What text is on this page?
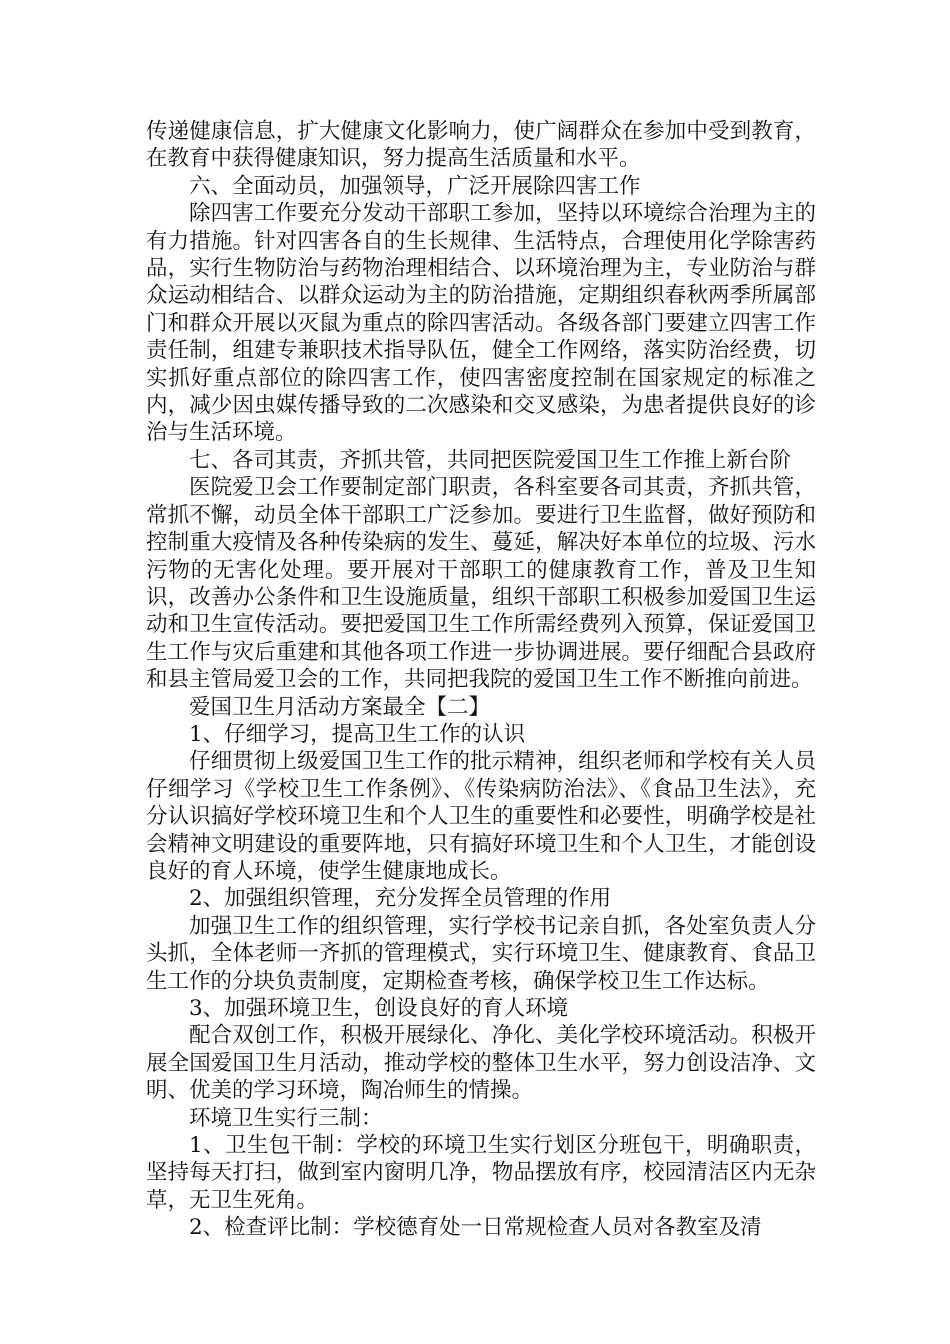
传递健康信息，扩大健康文化影响力，使广阔群众在参加中受到教育，在教育中获得健康知识，努力提高生活质量和水平。

六、全面动员，加强领导，广泛开展除四害工作

除四害工作要充分发动干部职工参加，坚持以环境综合治理为主的有力措施。针对四害各自的生长规律、生活特点，合理使用化学除害药品，实行生物防治与药物治理相结合、以环境治理为主，专业防治与群众运动相结合、以群众运动为主的防治措施，定期组织春秋两季所属部门和群众开展以灭鼠为重点的除四害活动。各级各部门要建立四害工作责任制，组建专兼职技术指导队伍，健全工作网络，落实防治经费，切实抓好重点部位的除四害工作，使四害密度控制在国家规定的标准之内，减少因虫媒传播导致的二次感染和交叉感染，为患者提供良好的诊治与生活环境。

七、各司其责，齐抓共管，共同把医院爱国卫生工作推上新台阶

医院爱卫会工作要制定部门职责，各科室要各司其责，齐抓共管，常抓不懈，动员全体干部职工广泛参加。要进行卫生监督，做好预防和控制重大疫情及各种传染病的发生、蔓延，解决好本单位的垃圾、污水污物的无害化处理。要开展对干部职工的健康教育工作，普及卫生知识，改善办公条件和卫生设施质量，组织干部职工积极参加爱国卫生运动和卫生宣传活动。要把爱国卫生工作所需经费列入预算，保证爱国卫生工作与灾后重建和其他各项工作进一步协调进展。要仔细配合县政府和县主管局爱卫会的工作，共同把我院的爱国卫生工作不断推向前进。

爱国卫生月活动方案最全【二】

1、仔细学习，提高卫生工作的认识

仔细贯彻上级爱国卫生工作的批示精神，组织老师和学校有关人员仔细学习《学校卫生工作条例》、《传染病防治法》、《食品卫生法》，充分认识搞好学校环境卫生和个人卫生的重要性和必要性，明确学校是社会精神文明建设的重要阵地，只有搞好环境卫生和个人卫生，才能创设良好的育人环境，使学生健康地成长。

2、加强组织管理，充分发挥全员管理的作用

加强卫生工作的组织管理，实行学校书记亲自抓，各处室负责人分头抓，全体老师一齐抓的管理模式，实行环境卫生、健康教育、食品卫生工作的分块负责制度，定期检查考核，确保学校卫生工作达标。

3、加强环境卫生，创设良好的育人环境

配合双创工作，积极开展绿化、净化、美化学校环境活动。积极开展全国爱国卫生月活动，推动学校的整体卫生水平，努力创设洁净、文明、优美的学习环境，陶冶师生的情操。

环境卫生实行三制：

1、卫生包干制：学校的环境卫生实行划区分班包干，明确职责，坚持每天打扫，做到室内窗明几净，物品摆放有序，校园清洁区内无杂草，无卫生死角。

2、检查评比制：学校德育处一日常规检查人员对各教室及清
